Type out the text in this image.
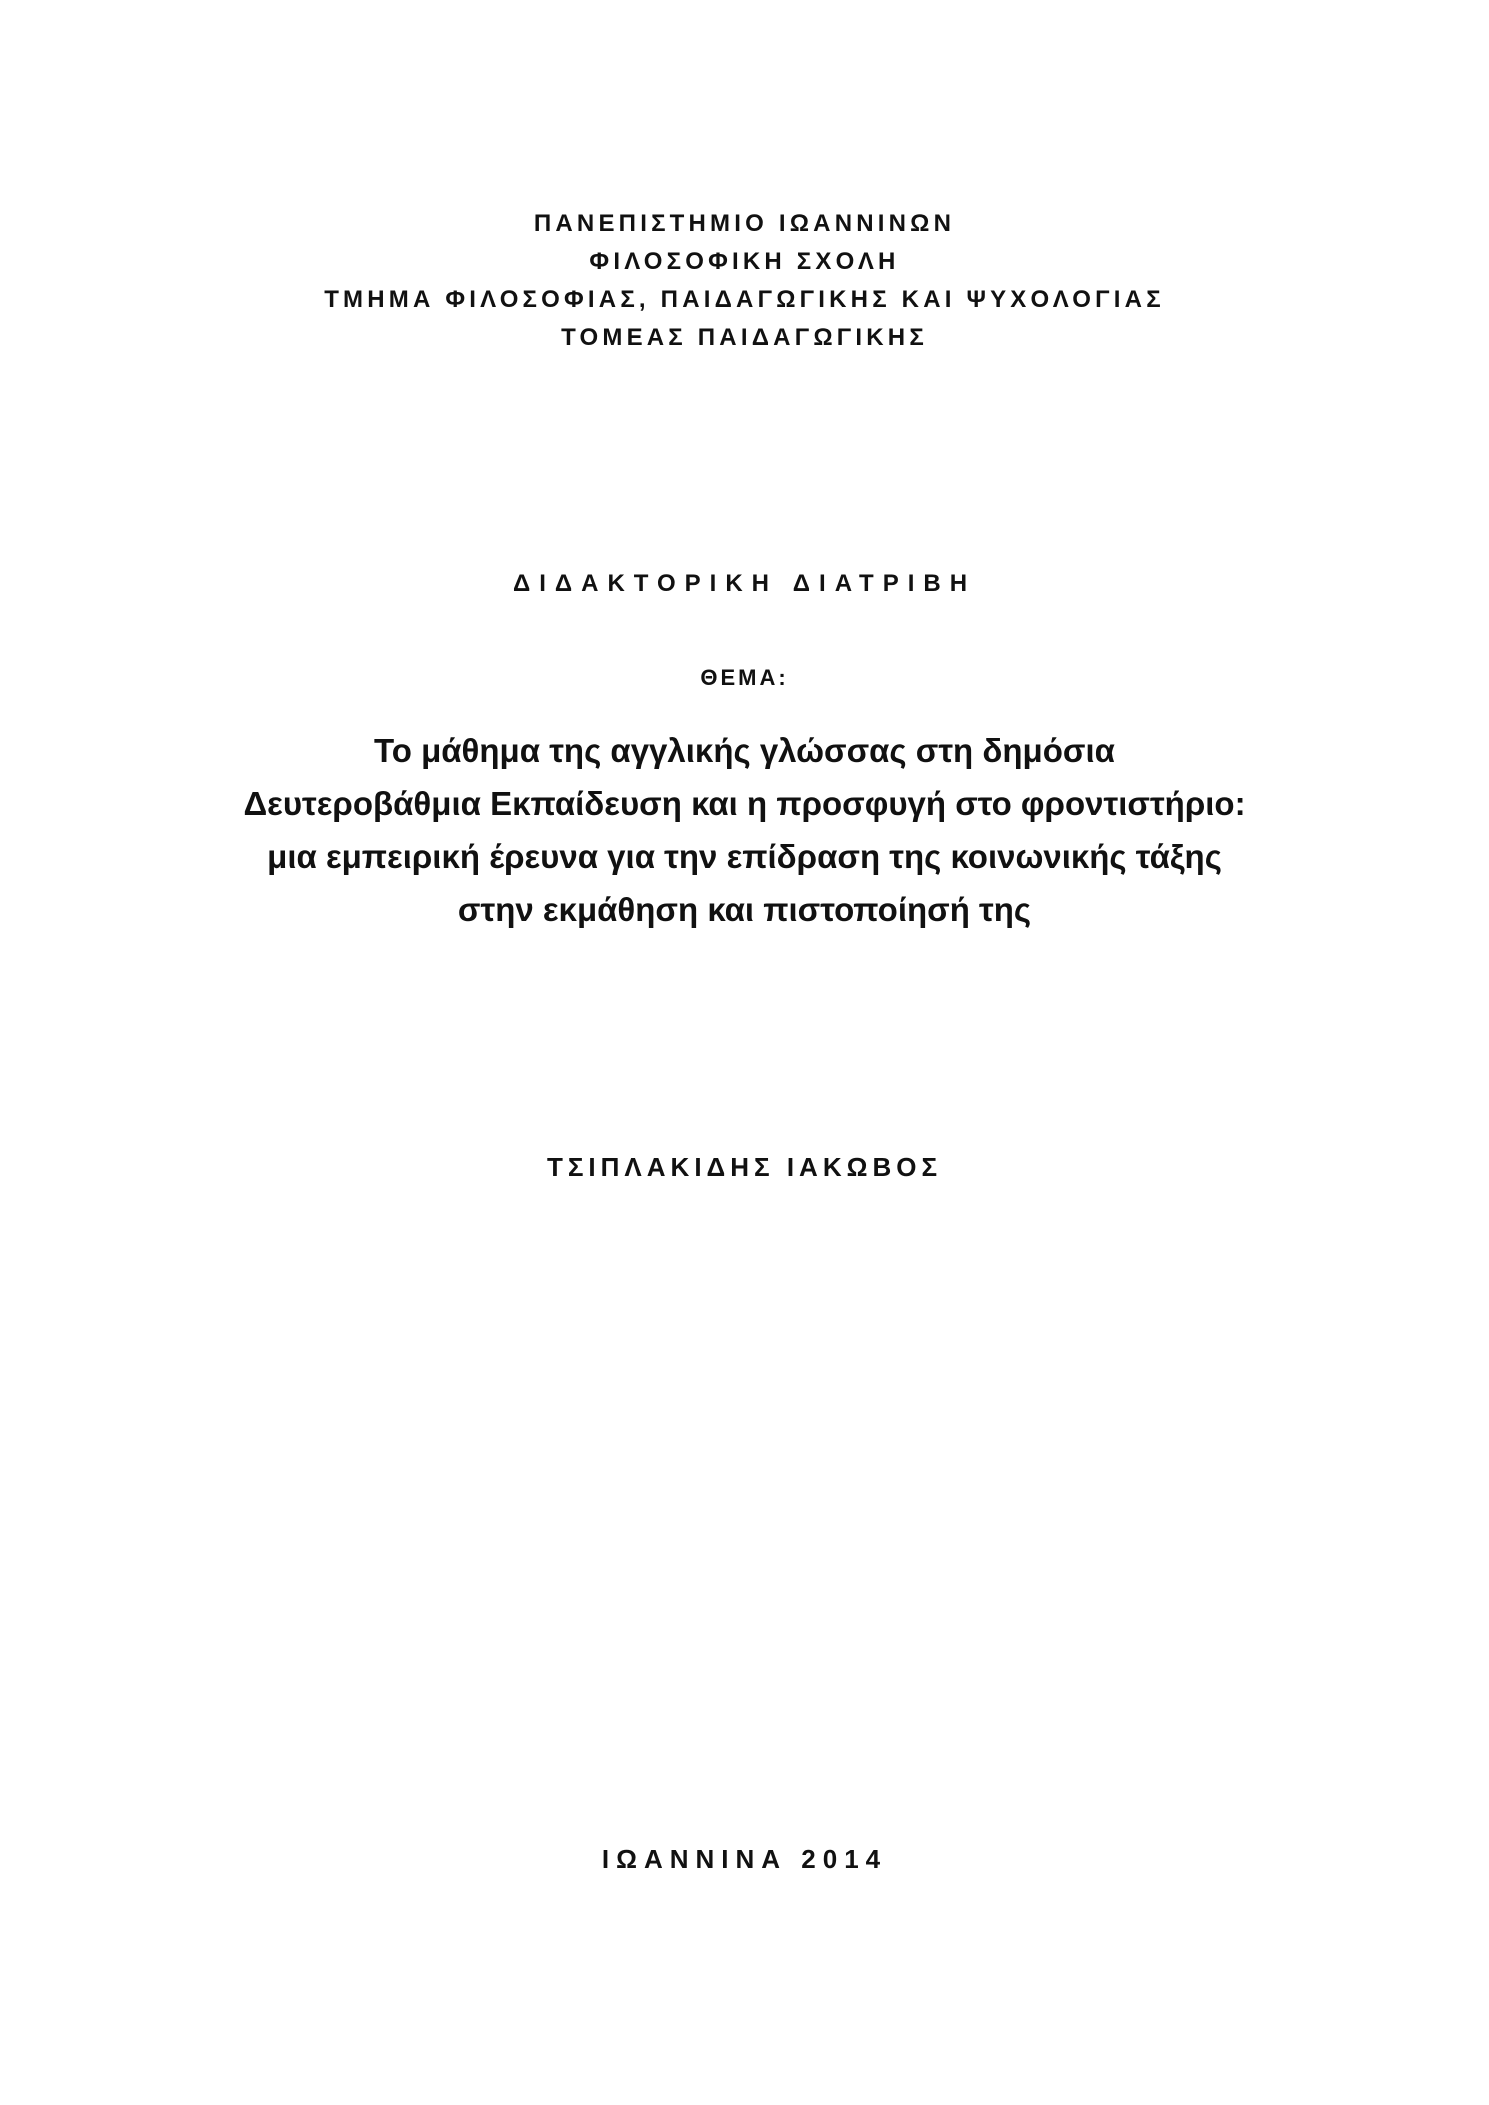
ΠΑΝΕΠΙΣΤΗΜΙΟ ΙΩΑΝΝΙΝΩΝ
ΦΙΛΟΣΟΦΙΚΗ ΣΧΟΛΗ
ΤΜΗΜΑ ΦΙΛΟΣΟΦΙΑΣ, ΠΑΙΔΑΓΩΓΙΚΗΣ ΚΑΙ ΨΥΧΟΛΟΓΙΑΣ
ΤΟΜΕΑΣ ΠΑΙΔΑΓΩΓΙΚΗΣ
ΔΙΔΑΚΤΟΡΙΚΗ ΔΙΑΤΡΙΒΗ
ΘΕΜΑ:
Το μάθημα της αγγλικής γλώσσας στη δημόσια
Δευτεροβάθμια Εκπαίδευση και η προσφυγή στο φροντιστήριο:
μια εμπειρική έρευνα για την επίδραση της κοινωνικής τάξης
στην εκμάθηση και πιστοποίησή της
ΤΣΙΠΛΑΚΙΔΗΣ ΙΑΚΩΒΟΣ
ΙΩΑΝΝΙΝΑ 2014
